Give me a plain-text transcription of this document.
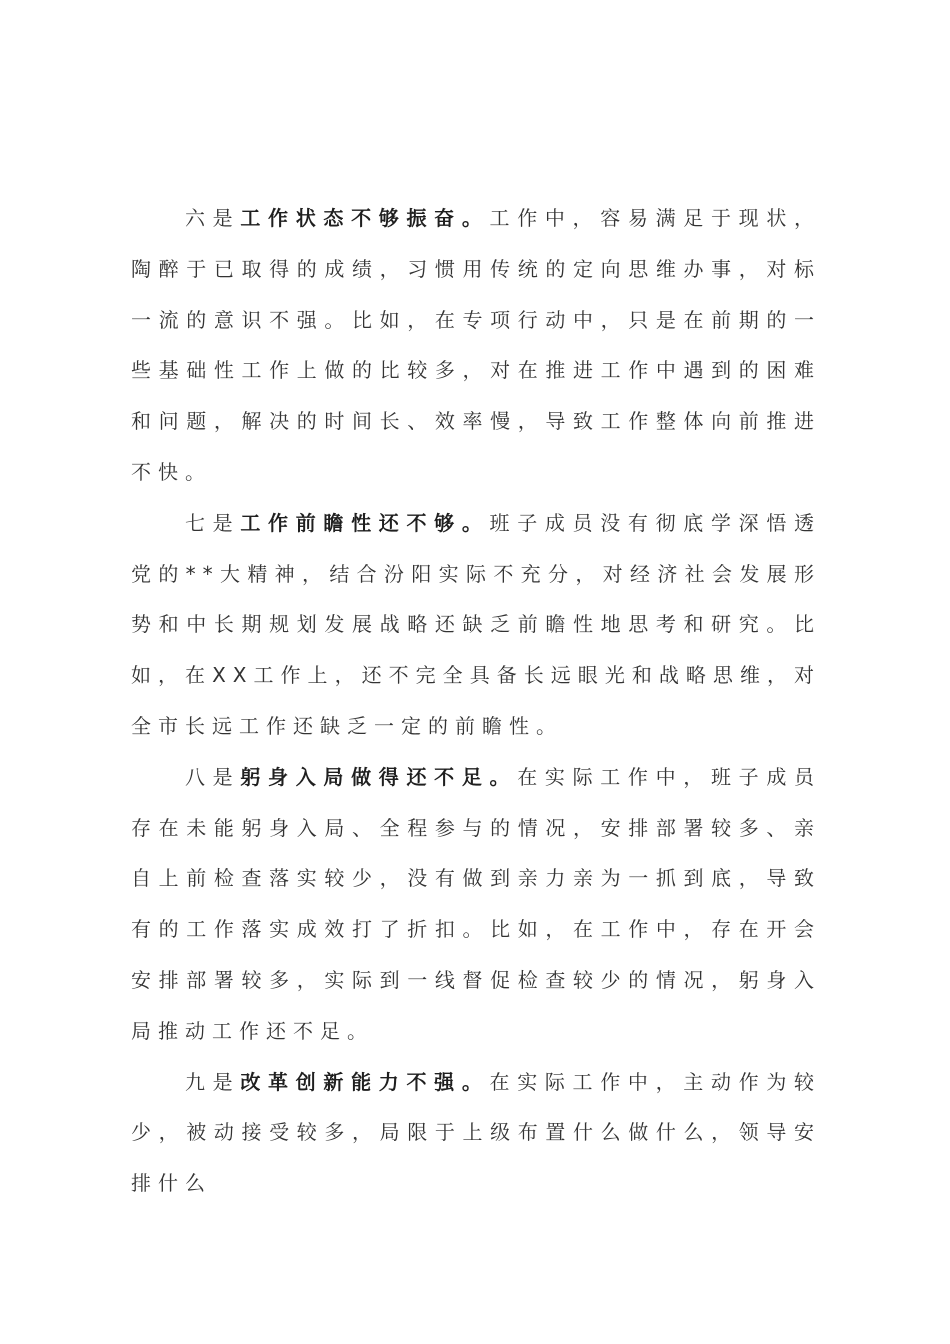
六是工作状态不够振奋。工作中，容易满足于现状，陶醉于已取得的成绩，习惯用传统的定向思维办事，对标一流的意识不强。比如，在专项行动中，只是在前期的一些基础性工作上做的比较多，对在推进工作中遇到的困难和问题，解决的时间长、效率慢，导致工作整体向前推进不快。

七是工作前瞻性还不够。班子成员没有彻底学深悟透党的**大精神，结合汾阳实际不充分，对经济社会发展形势和中长期规划发展战略还缺乏前瞻性地思考和研究。比如，在XX工作上，还不完全具备长远眼光和战略思维，对全市长远工作还缺乏一定的前瞻性。

八是躬身入局做得还不足。在实际工作中，班子成员存在未能躬身入局、全程参与的情况，安排部署较多、亲自上前检查落实较少，没有做到亲力亲为一抓到底，导致有的工作落实成效打了折扣。比如，在工作中，存在开会安排部署较多，实际到一线督促检查较少的情况，躬身入局推动工作还不足。

九是改革创新能力不强。在实际工作中，主动作为较少，被动接受较多，局限于上级布置什么做什么，领导安排什么
